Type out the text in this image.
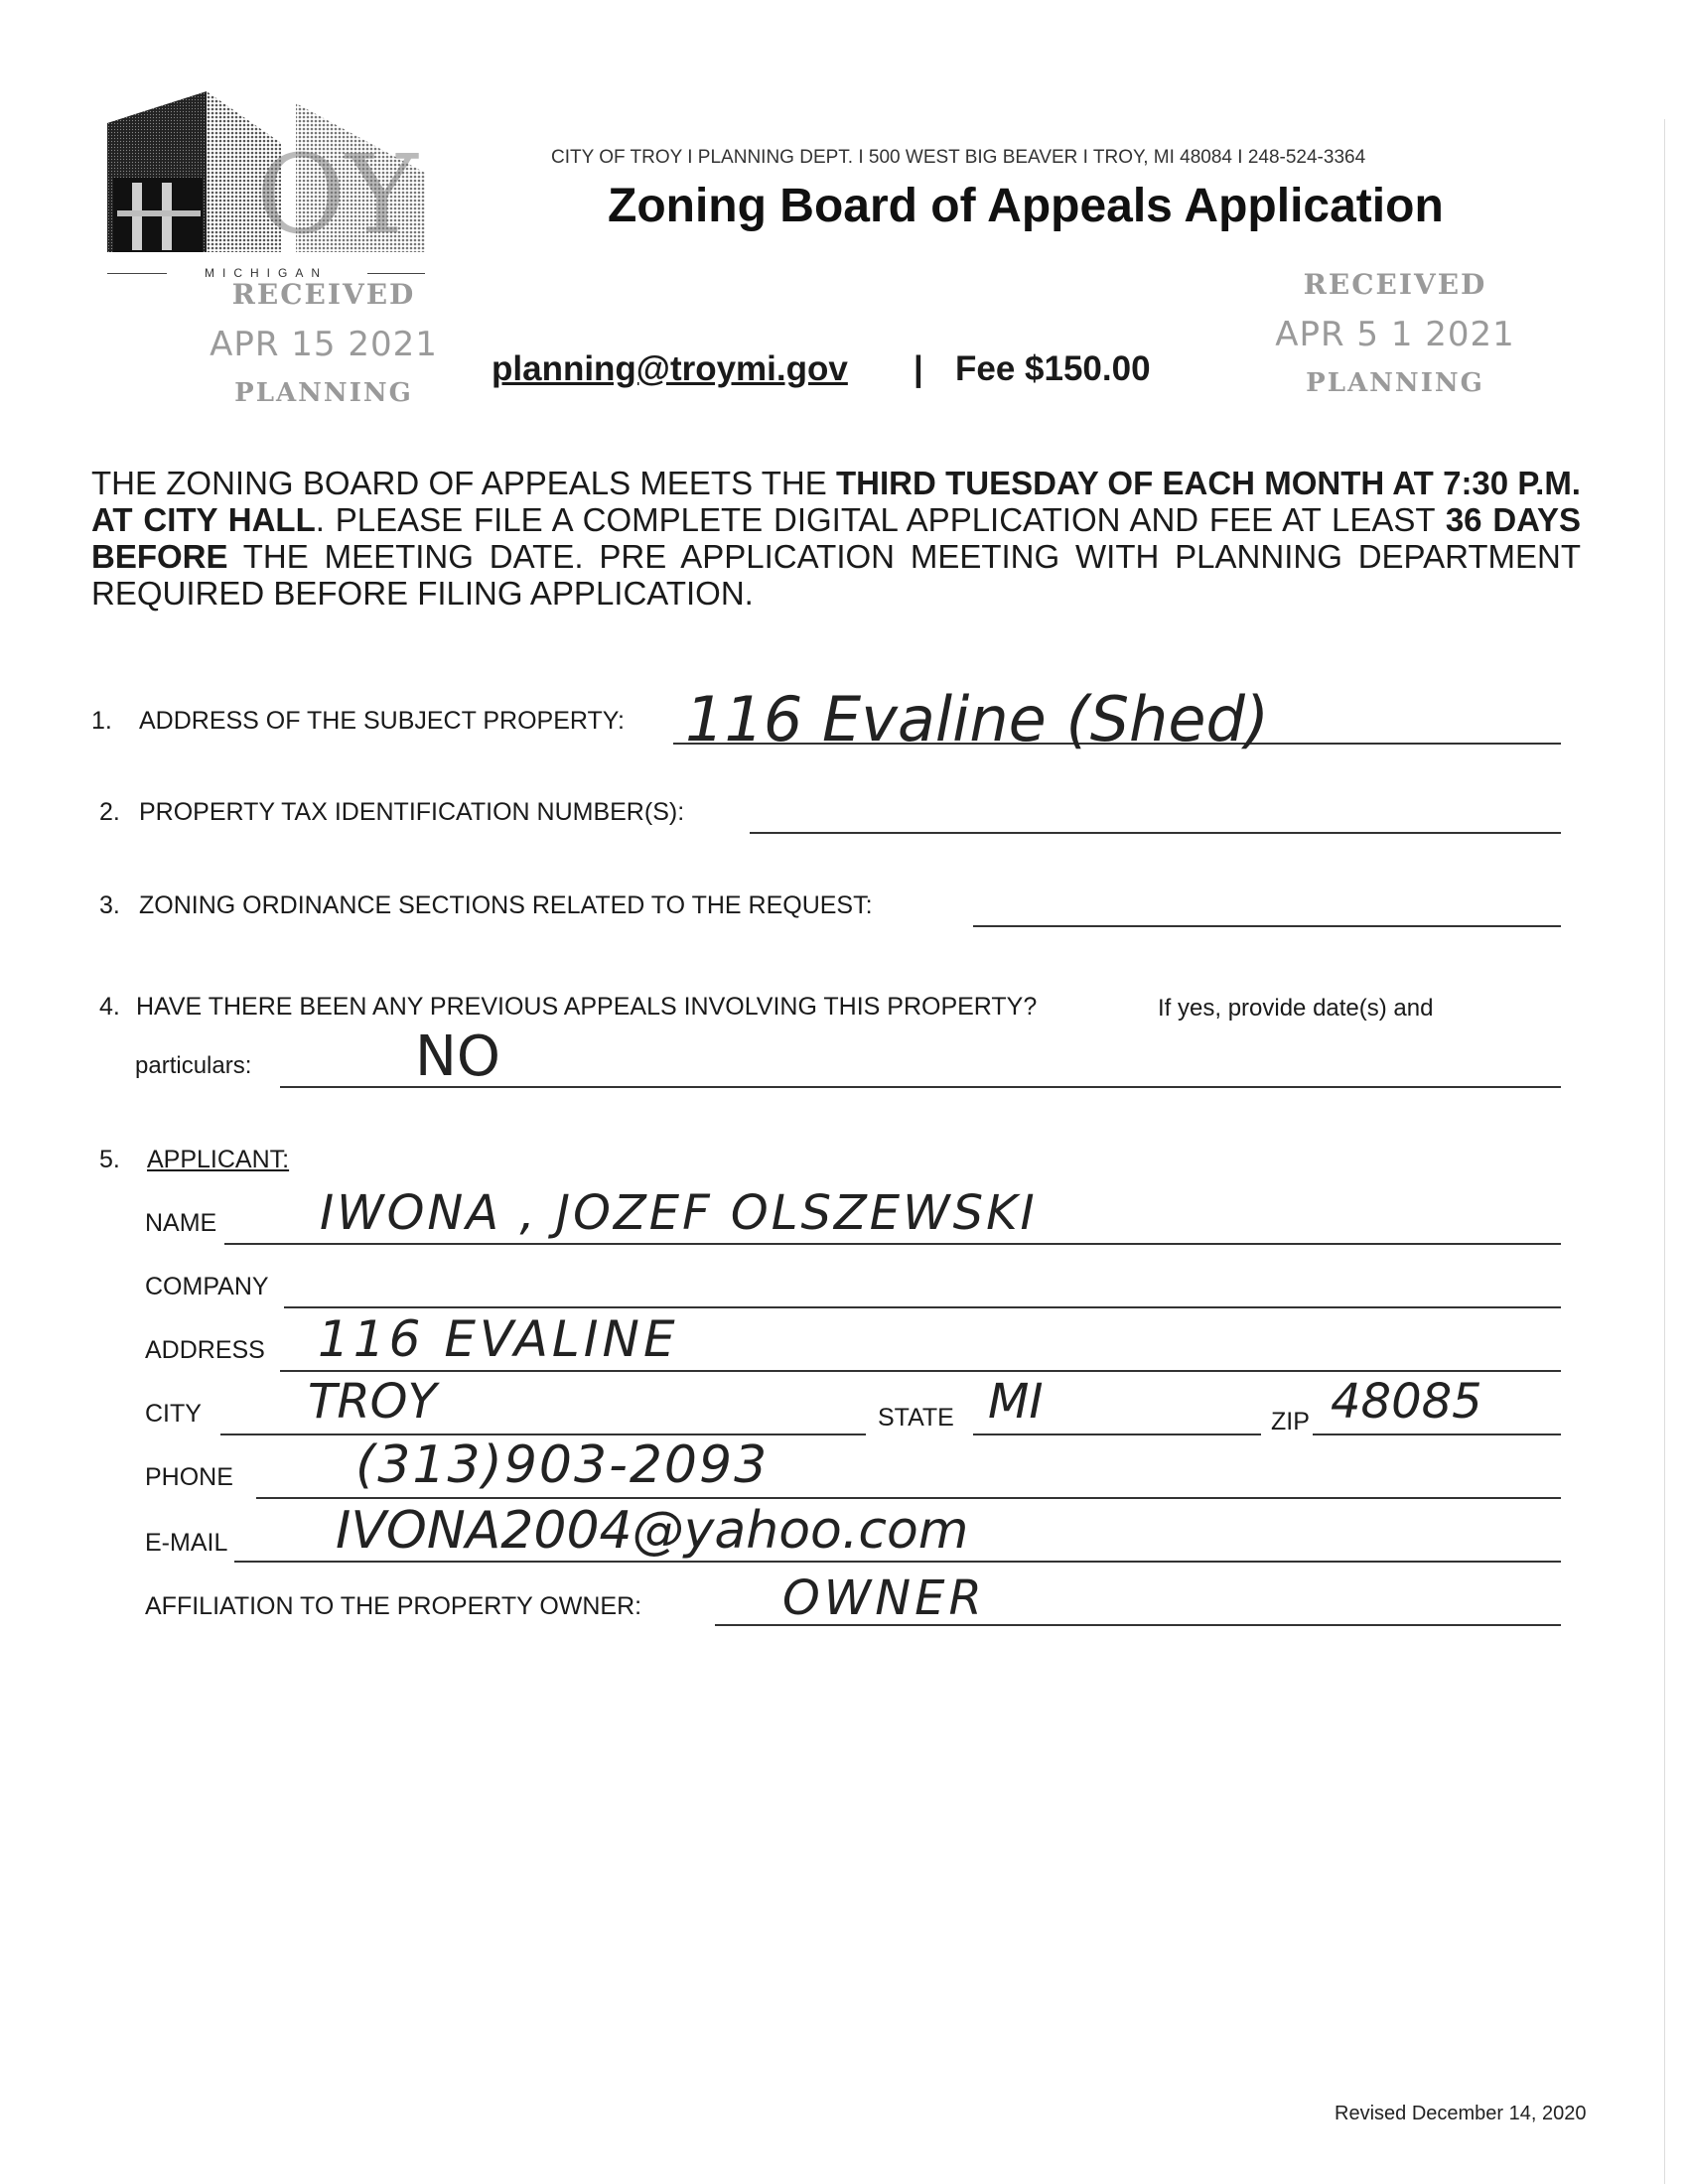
OY
MICHIGAN
CITY OF TROY I PLANNING DEPT. I 500 WEST BIG BEAVER I TROY, MI 48084 I 248-524-3364
Zoning Board of Appeals Application
RECEIVED
APR 15 2021
PLANNING
RECEIVED
APR 5 1 2021
PLANNING
planning@troymi.gov | Fee $150.00
THE ZONING BOARD OF APPEALS MEETS THE THIRD TUESDAY OF EACH MONTH AT 7:30 P.M. AT CITY HALL. PLEASE FILE A COMPLETE DIGITAL APPLICATION AND FEE AT LEAST 36 DAYS BEFORE THE MEETING DATE. PRE APPLICATION MEETING WITH PLANNING DEPARTMENT REQUIRED BEFORE FILING APPLICATION.
1. ADDRESS OF THE SUBJECT PROPERTY: 116 Evaline (Shed)
2. PROPERTY TAX IDENTIFICATION NUMBER(S):
3. ZONING ORDINANCE SECTIONS RELATED TO THE REQUEST:
4. HAVE THERE BEEN ANY PREVIOUS APPEALS INVOLVING THIS PROPERTY?	If yes, provide date(s) and
particulars:	NO
5. APPLICANT:
NAME IWONA , JOZEF OLSZEWSKI
COMPANY
ADDRESS 116 EVALINE
CITY TROY	STATE MI	ZIP 48085
PHONE (313)903-2093
E-MAIL IVONA2004@yahoo.com
AFFILIATION TO THE PROPERTY OWNER:	OWNER
Revised December 14, 2020
